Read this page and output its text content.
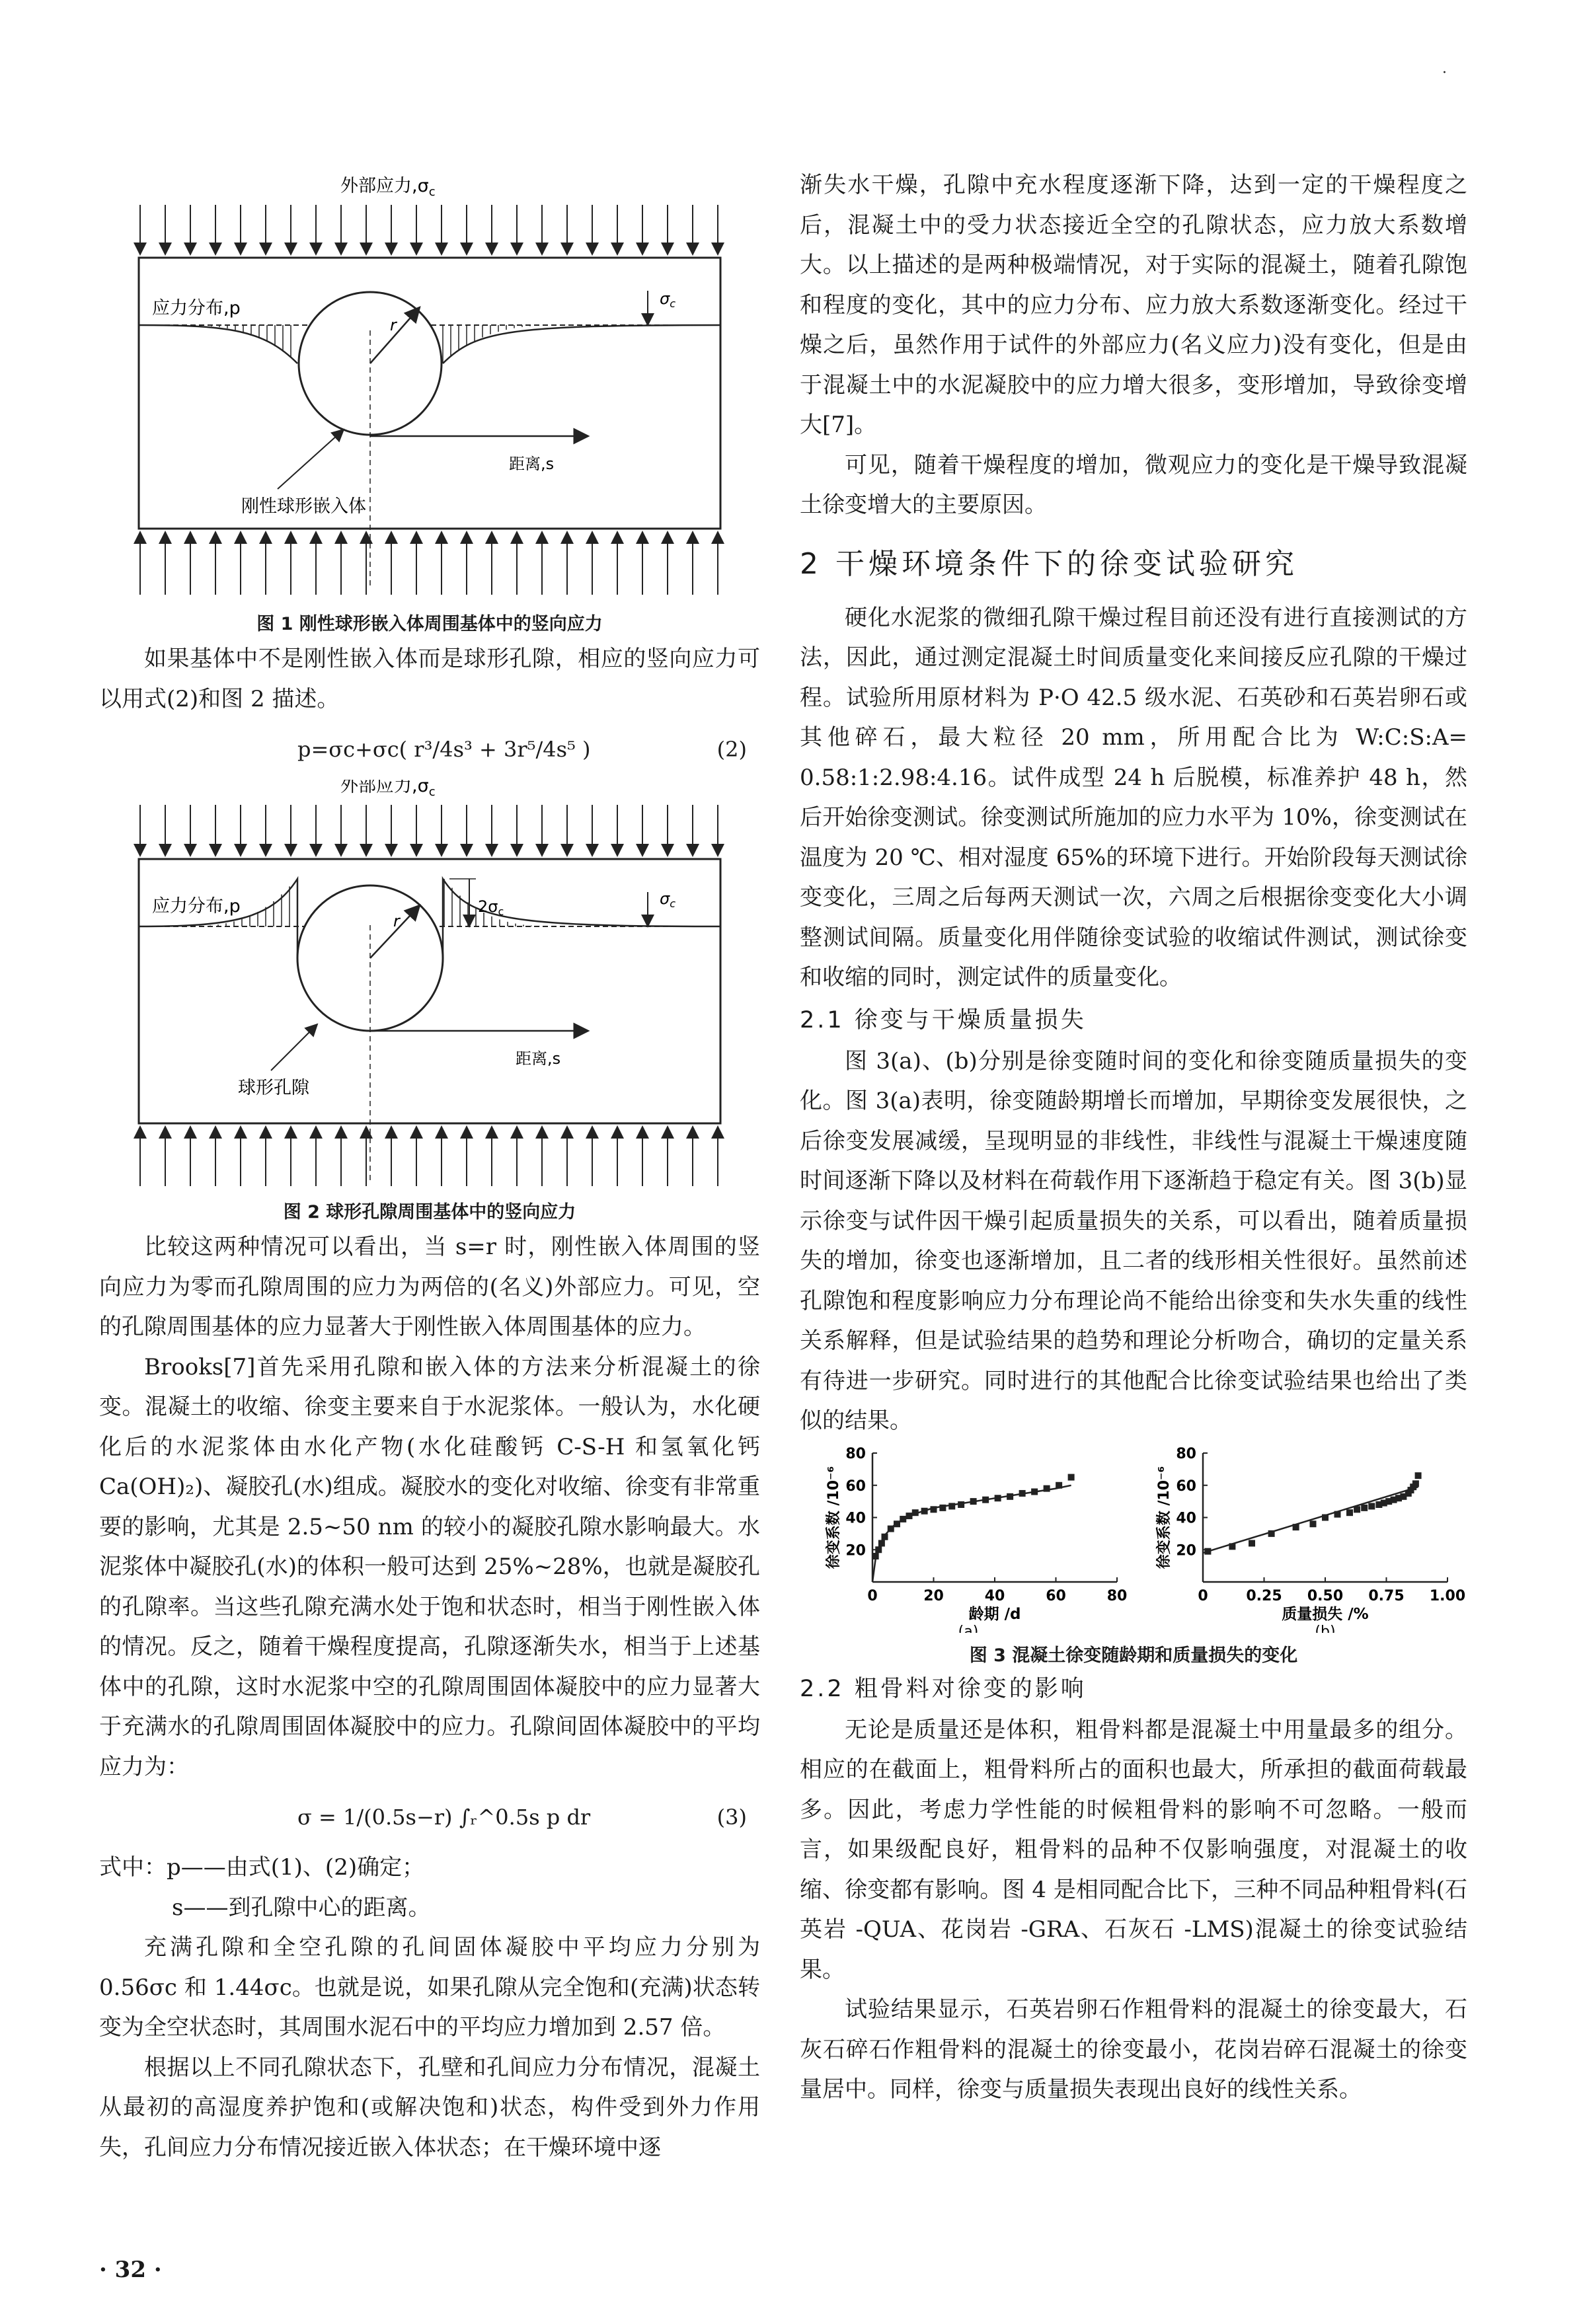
·
外部应力$,\sigma_c$
r
距离,s
应力分布,p	$\sigma_c$
刚性球形嵌入体
图 1 刚性球形嵌入体周围基体中的竖向应力

如果基体中不是刚性嵌入体而是球形孔隙，相应的竖向应力可以用式(2)和图 2 描述。

p=σc+σc( r³/4s³ + 3r⁵/4s⁵ )	(2)
外部应力$,\sigma_c$
r
距离,s
应力分布,p	$2\sigma_c$
$\sigma_c$
球形孔隙
图 2 球形孔隙周围基体中的竖向应力

比较这两种情况可以看出，当 s=r 时，刚性嵌入体周围的竖向应力为零而孔隙周围的应力为两倍的(名义)外部应力。可见，空的孔隙周围基体的应力显著大于刚性嵌入体周围基体的应力。

Brooks[7]首先采用孔隙和嵌入体的方法来分析混凝土的徐变。混凝土的收缩、徐变主要来自于水泥浆体。一般认为，水化硬化后的水泥浆体由水化产物(水化硅酸钙 C-S-H 和氢氧化钙 Ca(OH)₂)、凝胶孔(水)组成。凝胶水的变化对收缩、徐变有非常重要的影响，尤其是 2.5~50 nm 的较小的凝胶孔隙水影响最大。水泥浆体中凝胶孔(水)的体积一般可达到 25%~28%，也就是凝胶孔的孔隙率。当这些孔隙充满水处于饱和状态时，相当于刚性嵌入体的情况。反之，随着干燥程度提高，孔隙逐渐失水，相当于上述基体中的孔隙，这时水泥浆中空的孔隙周围固体凝胶中的应力显著大于充满水的孔隙周围固体凝胶中的应力。孔隙间固体凝胶中的平均应力为：

σ = 1/(0.5s−r) ∫ᵣ^0.5s p dr	(3)
式中：p——由式(1)、(2)确定；
s——到孔隙中心的距离。

充满孔隙和全空孔隙的孔间固体凝胶中平均应力分别为 0.56σc 和 1.44σc。也就是说，如果孔隙从完全饱和(充满)状态转变为全空状态时，其周围水泥石中的平均应力增加到 2.57 倍。

根据以上不同孔隙状态下，孔壁和孔间应力分布情况，混凝土从最初的高湿度养护饱和(或解决饱和)状态，构件受到外力作用失，孔间应力分布情况接近嵌入体状态；在干燥环境中逐

· 32 ·

渐失水干燥，孔隙中充水程度逐渐下降，达到一定的干燥程度之后，混凝土中的受力状态接近全空的孔隙状态，应力放大系数增大。以上描述的是两种极端情况，对于实际的混凝土，随着孔隙饱和程度的变化，其中的应力分布、应力放大系数逐渐变化。经过干燥之后，虽然作用于试件的外部应力(名义应力)没有变化，但是由于混凝土中的水泥凝胶中的应力增大很多，变形增加，导致徐变增大[7]。

可见，随着干燥程度的增加，微观应力的变化是干燥导致混凝土徐变增大的主要原因。

2 干燥环境条件下的徐变试验研究

硬化水泥浆的微细孔隙干燥过程目前还没有进行直接测试的方法，因此，通过测定混凝土时间质量变化来间接反应孔隙的干燥过程。试验所用原材料为 P·O 42.5 级水泥、石英砂和石英岩卵石或其他碎石，最大粒径 20 mm，所用配合比为 W:C:S:A= 0.58:1:2.98:4.16。试件成型 24 h 后脱模，标准养护 48 h，然后开始徐变测试。徐变测试所施加的应力水平为 10%，徐变测试在温度为 20 ℃、相对湿度 65%的环境下进行。开始阶段每天测试徐变变化，三周之后每两天测试一次，六周之后根据徐变变化大小调整测试间隔。质量变化用伴随徐变试验的收缩试件测试，测试徐变和收缩的同时，测定试件的质量变化。

2.1 徐变与干燥质量损失

图 3(a)、(b)分别是徐变随时间的变化和徐变随质量损失的变化。图 3(a)表明，徐变随龄期增长而增加，早期徐变发展很快，之后徐变发展减缓，呈现明显的非线性，非线性与混凝土干燥速度随时间逐渐下降以及材料在荷载作用下逐渐趋于稳定有关。图 3(b)显示徐变与试件因干燥引起质量损失的关系，可以看出，随着质量损失的增加，徐变也逐渐增加，且二者的线形相关性很好。虽然前述孔隙饱和程度影响应力分布理论尚不能给出徐变和失水失重的线性关系解释，但是试验结果的趋势和理论分析吻合，确切的定量关系有待进一步研究。同时进行的其他配合比徐变试验结果也给出了类似的结果。

20
40
60
80
0	20	40	60	80
徐变系数 /10⁻⁶
龄期 /d
(a)
20
40
60
80
0	0.25 0.50 0.75 1.00
徐变系数 /10⁻⁶
质量损失 /%
(b)
图 3 混凝土徐变随龄期和质量损失的变化
2.2 粗骨料对徐变的影响

无论是质量还是体积，粗骨料都是混凝土中用量最多的组分。相应的在截面上，粗骨料所占的面积也最大，所承担的截面荷载最多。因此，考虑力学性能的时候粗骨料的影响不可忽略。一般而言，如果级配良好，粗骨料的品种不仅影响强度，对混凝土的收缩、徐变都有影响。图 4 是相同配合比下，三种不同品种粗骨料(石英岩 -QUA、花岗岩 -GRA、石灰石 -LMS)混凝土的徐变试验结果。

试验结果显示，石英岩卵石作粗骨料的混凝土的徐变最大，石灰石碎石作粗骨料的混凝土的徐变最小，花岗岩碎石混凝土的徐变量居中。同样，徐变与质量损失表现出良好的线性关系。
